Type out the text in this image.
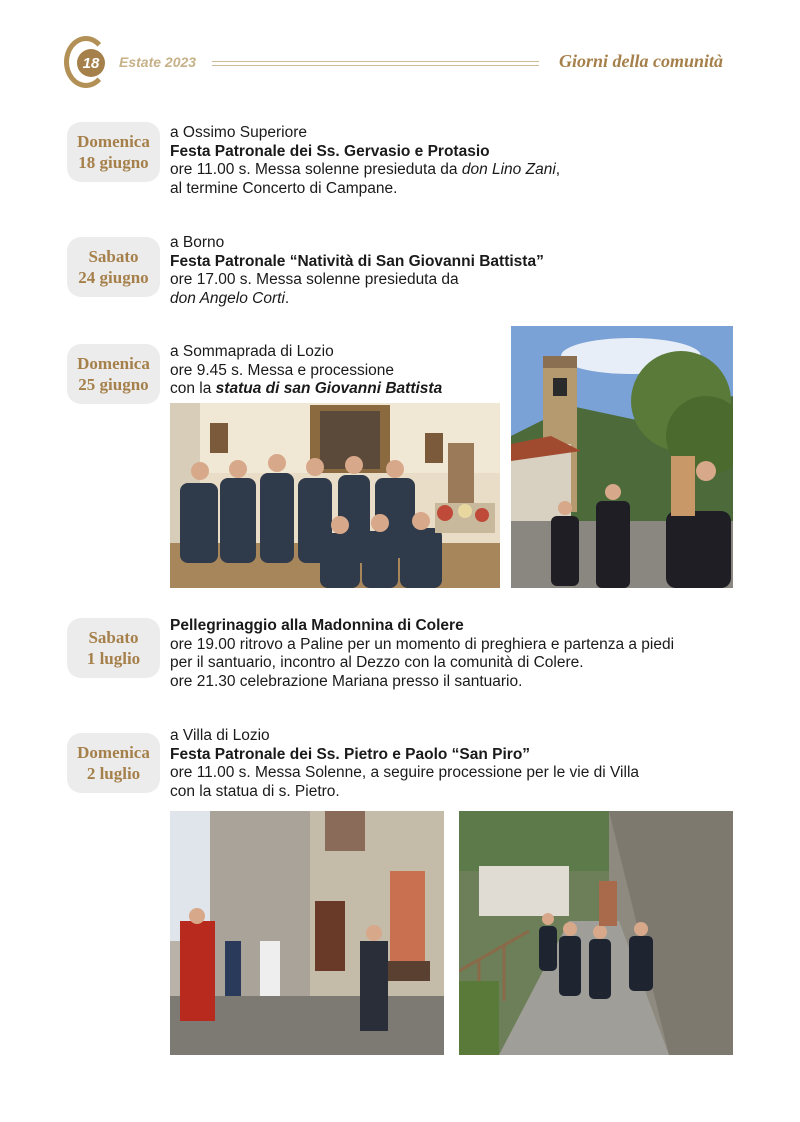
18	Estate 2023	Giorni della comunità
Domenica
18 giugno
a Ossimo Superiore
Festa Patronale dei Ss. Gervasio e Protasio
ore 11.00 s. Messa solenne presieduta da don Lino Zani,
al termine Concerto di Campane.
Sabato
24 giugno
a Borno
Festa Patronale “Natività di San Giovanni Battista”
ore 17.00 s. Messa solenne presieduta da
don Angelo Corti.
Domenica
25 giugno
a Sommaprada di Lozio
ore 9.45 s. Messa e processione
con la statua di san Giovanni Battista
Sabato
1 luglio
Pellegrinaggio alla Madonnina di Colere
ore 19.00 ritrovo a Paline per un momento di preghiera e partenza a piedi
per il santuario, incontro al Dezzo con la comunità di Colere.
ore 21.30 celebrazione Mariana presso il santuario.
Domenica
2 luglio
a Villa di Lozio
Festa Patronale dei Ss. Pietro e Paolo “San Piro”
ore 11.00 s. Messa Solenne, a seguire processione per le vie di Villa
con la statua di s. Pietro.
